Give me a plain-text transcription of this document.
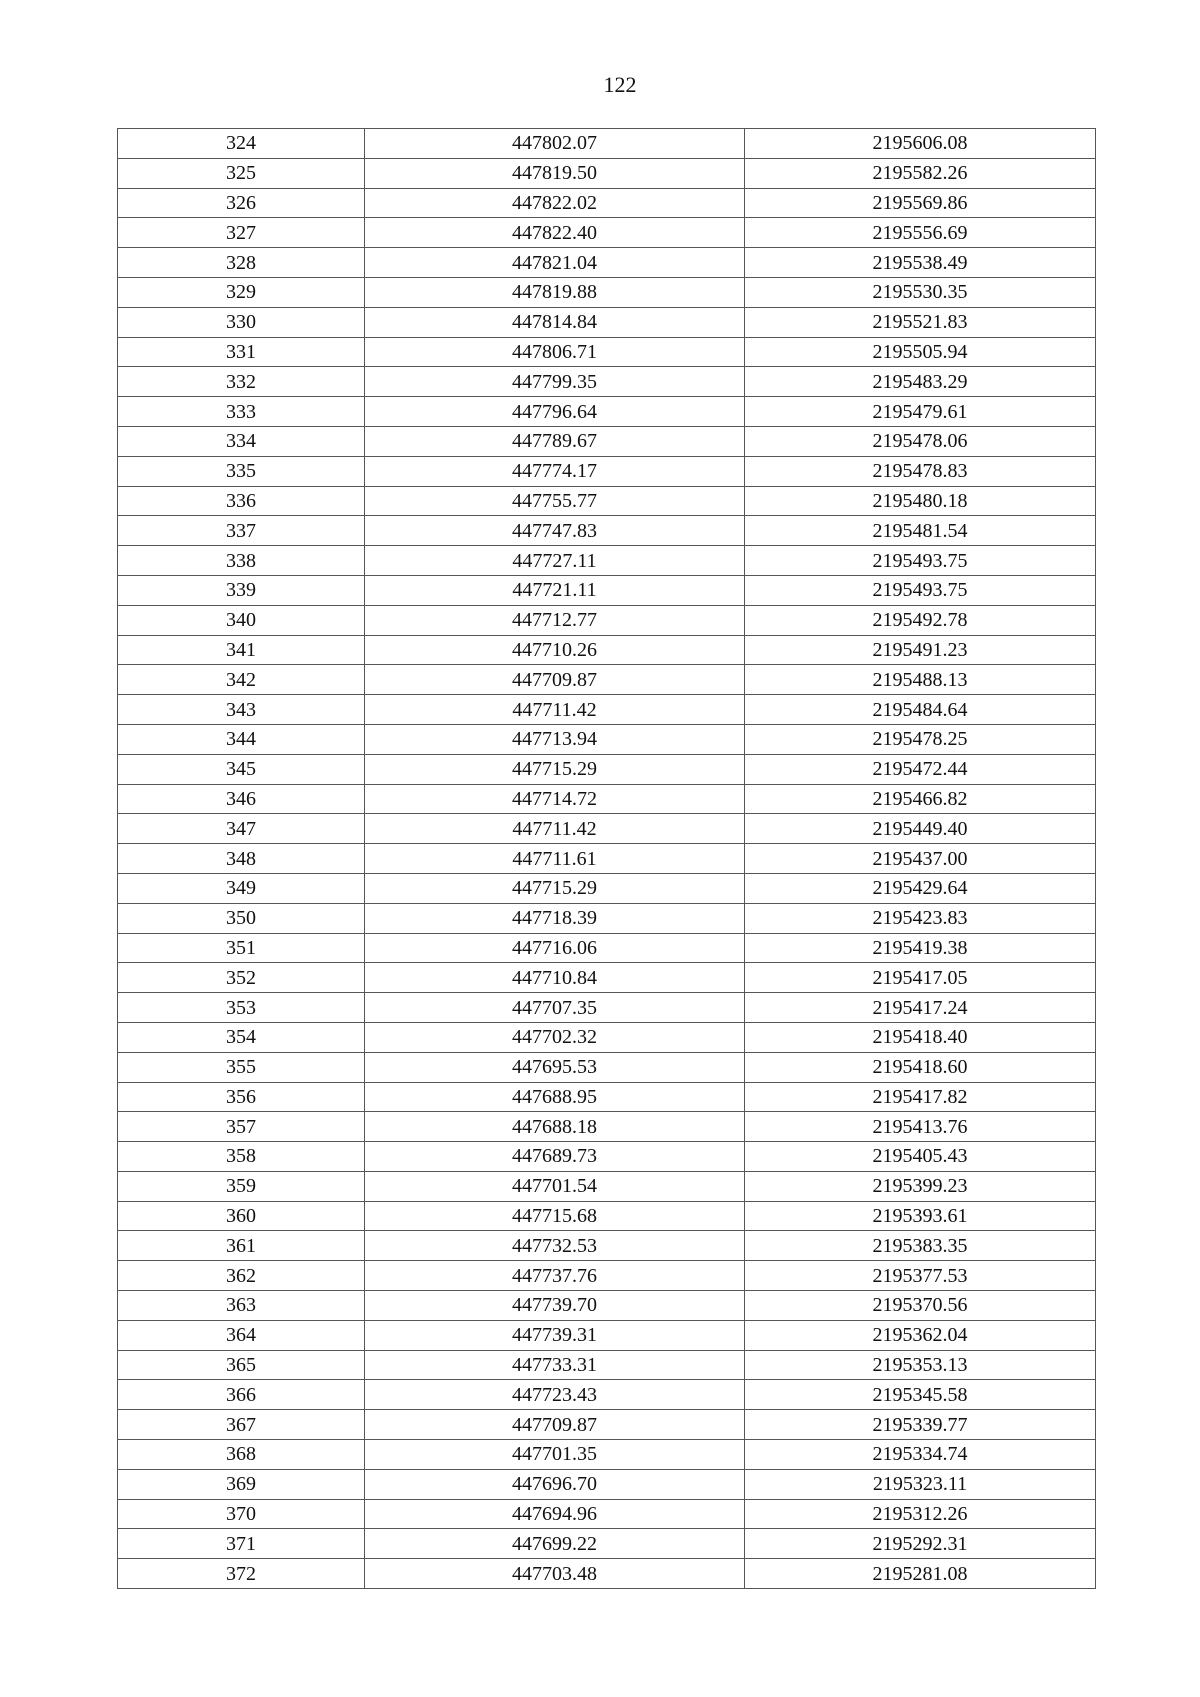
122
324	447802.07	2195606.08
325	447819.50	2195582.26
326	447822.02	2195569.86
327	447822.40	2195556.69
328	447821.04	2195538.49
329	447819.88	2195530.35
330	447814.84	2195521.83
331	447806.71	2195505.94
332	447799.35	2195483.29
333	447796.64	2195479.61
334	447789.67	2195478.06
335	447774.17	2195478.83
336	447755.77	2195480.18
337	447747.83	2195481.54
338	447727.11	2195493.75
339	447721.11	2195493.75
340	447712.77	2195492.78
341	447710.26	2195491.23
342	447709.87	2195488.13
343	447711.42	2195484.64
344	447713.94	2195478.25
345	447715.29	2195472.44
346	447714.72	2195466.82
347	447711.42	2195449.40
348	447711.61	2195437.00
349	447715.29	2195429.64
350	447718.39	2195423.83
351	447716.06	2195419.38
352	447710.84	2195417.05
353	447707.35	2195417.24
354	447702.32	2195418.40
355	447695.53	2195418.60
356	447688.95	2195417.82
357	447688.18	2195413.76
358	447689.73	2195405.43
359	447701.54	2195399.23
360	447715.68	2195393.61
361	447732.53	2195383.35
362	447737.76	2195377.53
363	447739.70	2195370.56
364	447739.31	2195362.04
365	447733.31	2195353.13
366	447723.43	2195345.58
367	447709.87	2195339.77
368	447701.35	2195334.74
369	447696.70	2195323.11
370	447694.96	2195312.26
371	447699.22	2195292.31
372	447703.48	2195281.08
